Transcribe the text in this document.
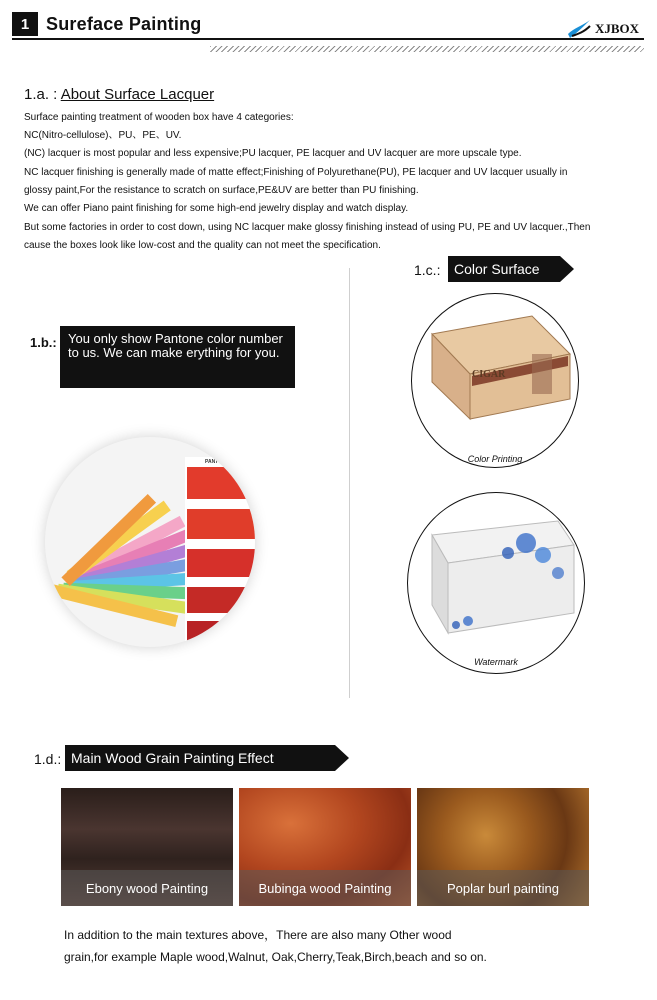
1 Sureface Painting	XJBOX
1.a. : About Surface Lacquer
Surface painting treatment of wooden box have 4 categories:
NC(Nitro-cellulose)、PU、PE、UV.
(NC) lacquer is most popular and less expensive;PU lacquer, PE lacquer and UV lacquer are more upscale type.
NC lacquer finishing is generally made of matte effect;Finishing of Polyurethane(PU), PE lacquer and UV lacquer usually in
glossy paint,For the resistance to scratch on surface,PE&UV are better than PU finishing.
We can offer Piano paint finishing for some high-end jewelry display and watch display.
But some factories in order to cost down, using NC lacquer make glossy finishing instead of using PU, PE and UV lacquer.,Then
cause the boxes look like low-cost and the quality can not meet the specification.
1.b.: You only show Pantone color number to us. We can make erything for you.
PANTONE
1.c.: Color Surface
CIGAR
Color Printing
Watermark
1.d.: Main Wood Grain Painting Effect
Ebony wood Painting	Bubinga wood Painting	Poplar burl painting
In addition to the main textures above，There are also many Other wood
grain,for example Maple wood,Walnut, Oak,Cherry,Teak,Birch,beach and so on.
